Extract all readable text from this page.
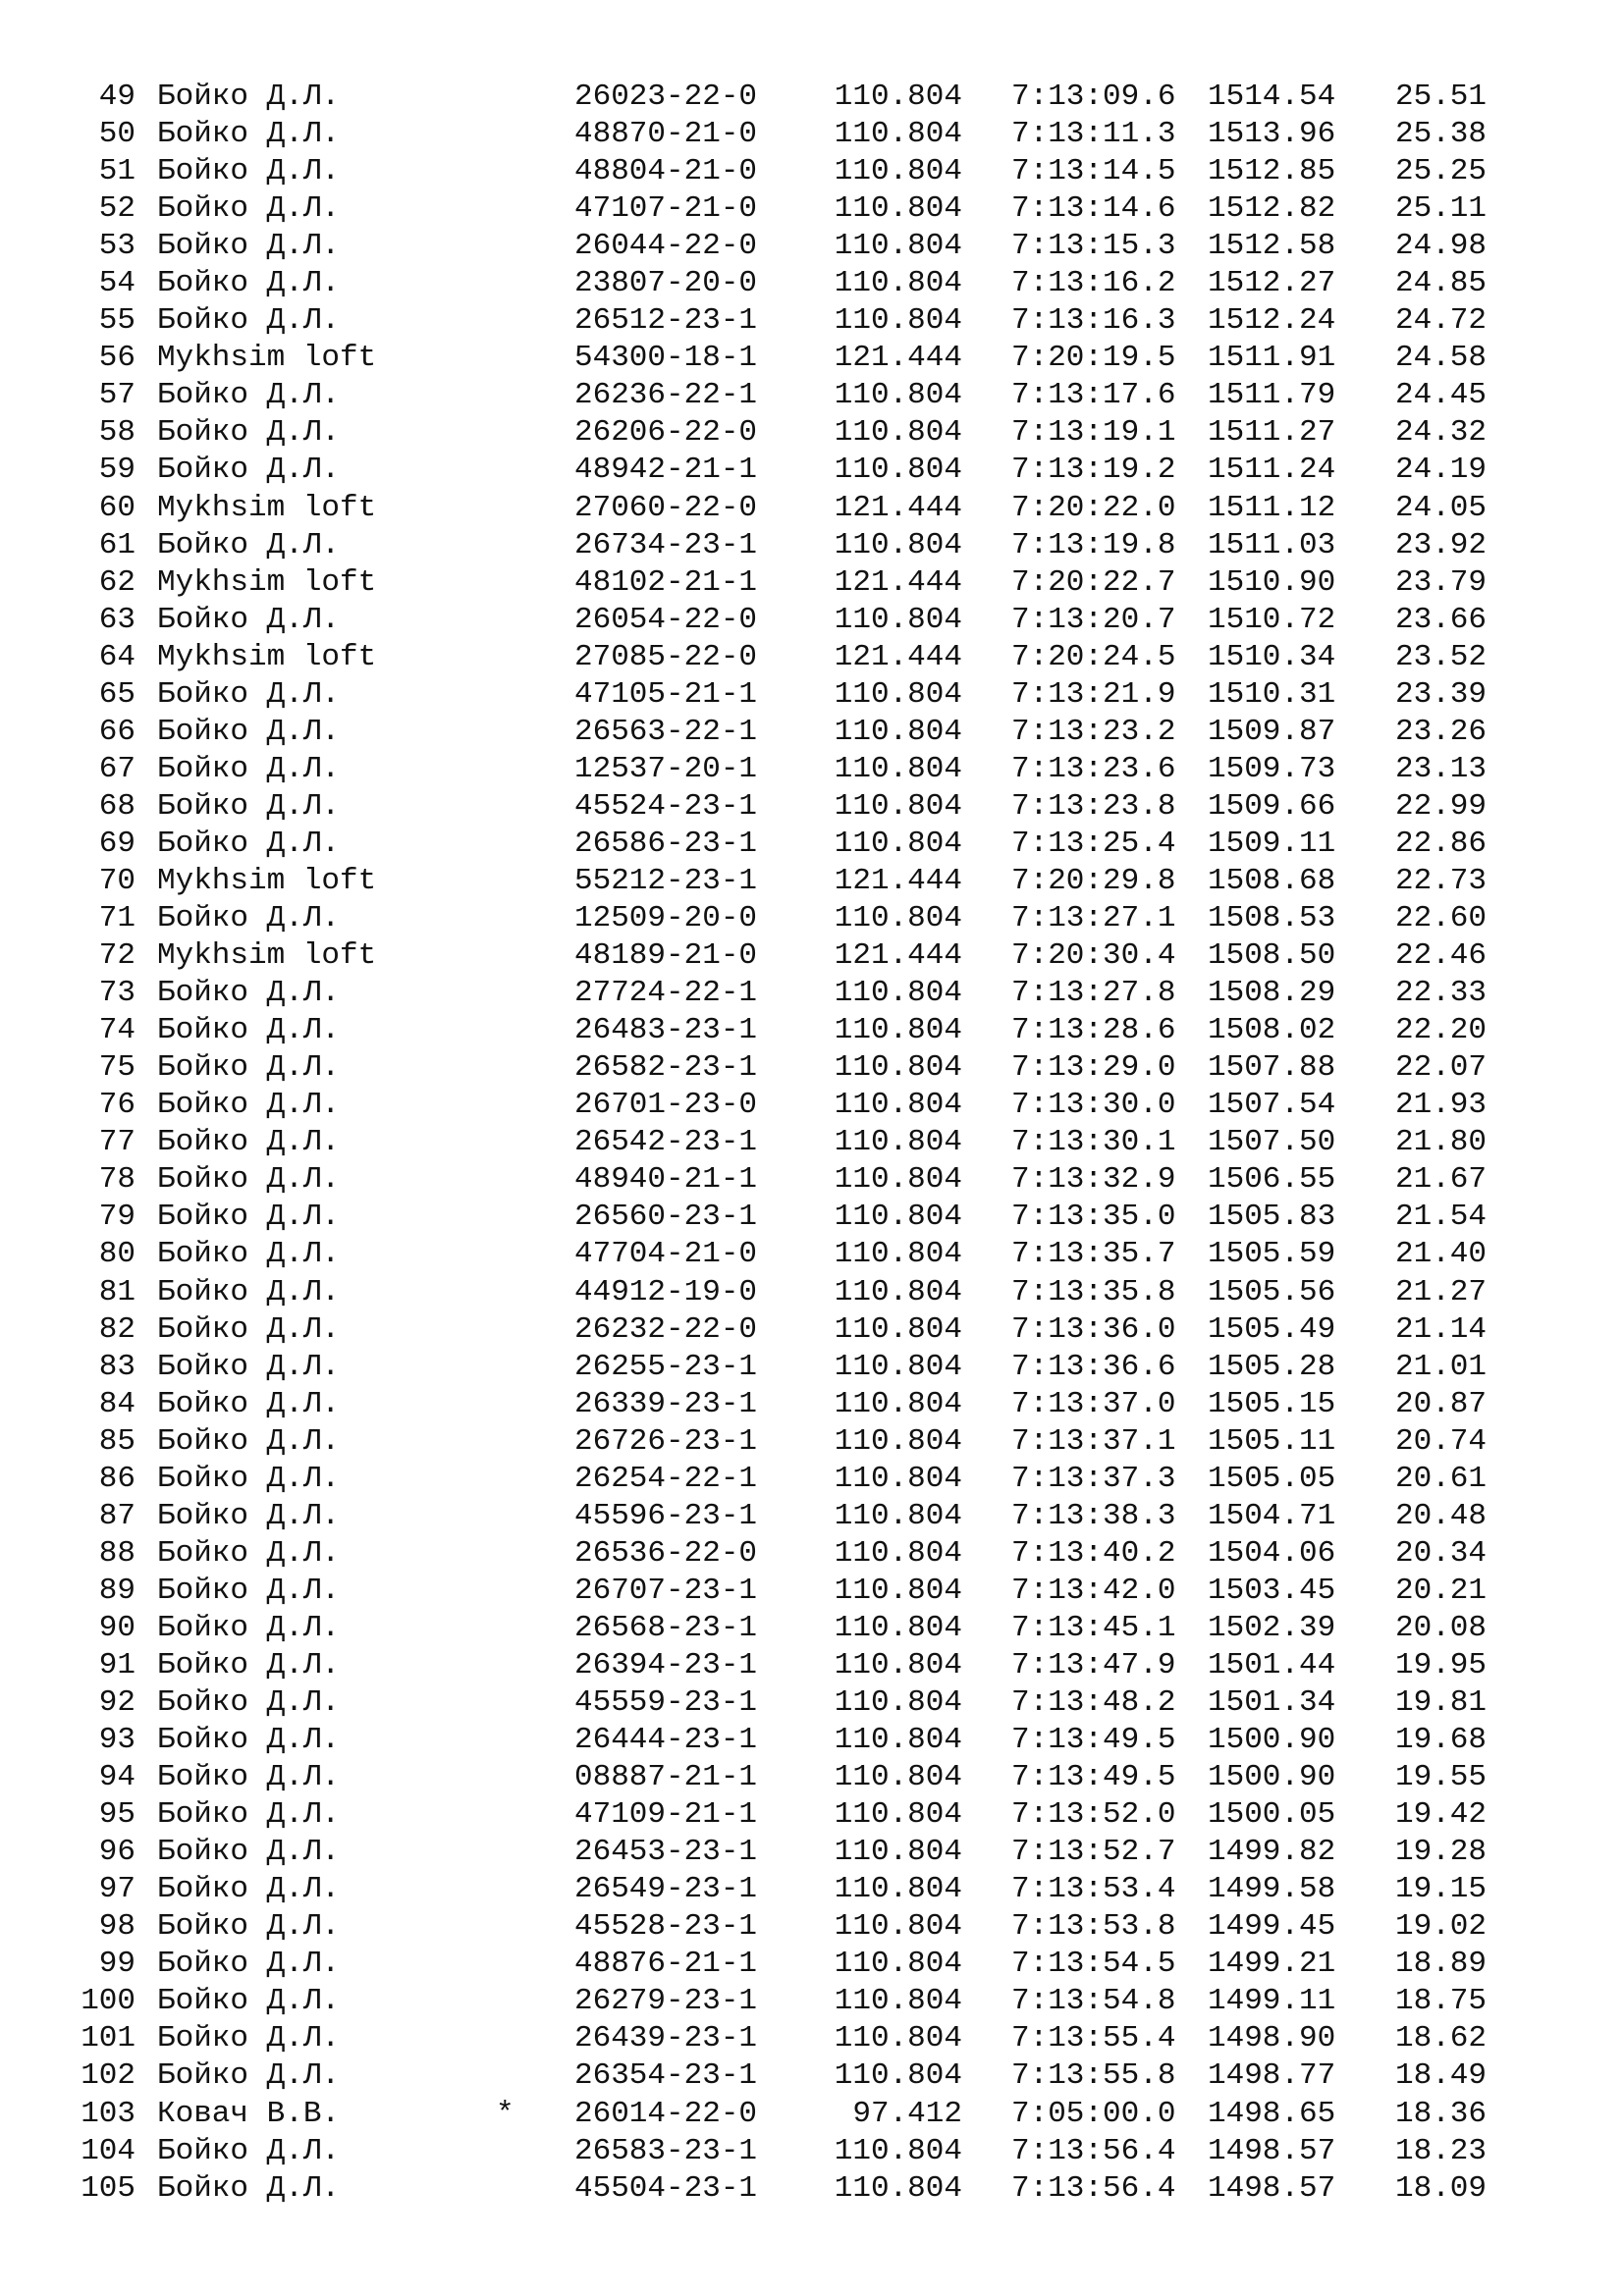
49 Бойко Д.Л.	26023-22-0	110.804 7:13:09.6 1514.54	25.51
50 Бойко Д.Л.	48870-21-0	110.804 7:13:11.3 1513.96	25.38
51 Бойко Д.Л.	48804-21-0	110.804 7:13:14.5 1512.85	25.25
52 Бойко Д.Л.	47107-21-0	110.804 7:13:14.6 1512.82	25.11
53 Бойко Д.Л.	26044-22-0	110.804 7:13:15.3 1512.58	24.98
54 Бойко Д.Л.	23807-20-0	110.804 7:13:16.2 1512.27	24.85
55 Бойко Д.Л.	26512-23-1	110.804 7:13:16.3 1512.24	24.72
56 Mykhsim loft	54300-18-1	121.444 7:20:19.5 1511.91	24.58
57 Бойко Д.Л.	26236-22-1	110.804 7:13:17.6 1511.79	24.45
58 Бойко Д.Л.	26206-22-0	110.804 7:13:19.1 1511.27	24.32
59 Бойко Д.Л.	48942-21-1	110.804 7:13:19.2 1511.24	24.19
60 Mykhsim loft	27060-22-0	121.444 7:20:22.0 1511.12	24.05
61 Бойко Д.Л.	26734-23-1	110.804 7:13:19.8 1511.03	23.92
62 Mykhsim loft	48102-21-1	121.444 7:20:22.7 1510.90	23.79
63 Бойко Д.Л.	26054-22-0	110.804 7:13:20.7 1510.72	23.66
64 Mykhsim loft	27085-22-0	121.444 7:20:24.5 1510.34	23.52
65 Бойко Д.Л.	47105-21-1	110.804 7:13:21.9 1510.31	23.39
66 Бойко Д.Л.	26563-22-1	110.804 7:13:23.2 1509.87	23.26
67 Бойко Д.Л.	12537-20-1	110.804 7:13:23.6 1509.73	23.13
68 Бойко Д.Л.	45524-23-1	110.804 7:13:23.8 1509.66	22.99
69 Бойко Д.Л.	26586-23-1	110.804 7:13:25.4 1509.11	22.86
70 Mykhsim loft	55212-23-1	121.444 7:20:29.8 1508.68	22.73
71 Бойко Д.Л.	12509-20-0	110.804 7:13:27.1 1508.53	22.60
72 Mykhsim loft	48189-21-0	121.444 7:20:30.4 1508.50	22.46
73 Бойко Д.Л.	27724-22-1	110.804 7:13:27.8 1508.29	22.33
74 Бойко Д.Л.	26483-23-1	110.804 7:13:28.6 1508.02	22.20
75 Бойко Д.Л.	26582-23-1	110.804 7:13:29.0 1507.88	22.07
76 Бойко Д.Л.	26701-23-0	110.804 7:13:30.0 1507.54	21.93
77 Бойко Д.Л.	26542-23-1	110.804 7:13:30.1 1507.50	21.80
78 Бойко Д.Л.	48940-21-1	110.804 7:13:32.9 1506.55	21.67
79 Бойко Д.Л.	26560-23-1	110.804 7:13:35.0 1505.83	21.54
80 Бойко Д.Л.	47704-21-0	110.804 7:13:35.7 1505.59	21.40
81 Бойко Д.Л.	44912-19-0	110.804 7:13:35.8 1505.56	21.27
82 Бойко Д.Л.	26232-22-0	110.804 7:13:36.0 1505.49	21.14
83 Бойко Д.Л.	26255-23-1	110.804 7:13:36.6 1505.28	21.01
84 Бойко Д.Л.	26339-23-1	110.804 7:13:37.0 1505.15	20.87
85 Бойко Д.Л.	26726-23-1	110.804 7:13:37.1 1505.11	20.74
86 Бойко Д.Л.	26254-22-1	110.804 7:13:37.3 1505.05	20.61
87 Бойко Д.Л.	45596-23-1	110.804 7:13:38.3 1504.71	20.48
88 Бойко Д.Л.	26536-22-0	110.804 7:13:40.2 1504.06	20.34
89 Бойко Д.Л.	26707-23-1	110.804 7:13:42.0 1503.45	20.21
90 Бойко Д.Л.	26568-23-1	110.804 7:13:45.1 1502.39	20.08
91 Бойко Д.Л.	26394-23-1	110.804 7:13:47.9 1501.44	19.95
92 Бойко Д.Л.	45559-23-1	110.804 7:13:48.2 1501.34	19.81
93 Бойко Д.Л.	26444-23-1	110.804 7:13:49.5 1500.90	19.68
94 Бойко Д.Л.	08887-21-1	110.804 7:13:49.5 1500.90	19.55
95 Бойко Д.Л.	47109-21-1	110.804 7:13:52.0 1500.05	19.42
96 Бойко Д.Л.	26453-23-1	110.804 7:13:52.7 1499.82	19.28
97 Бойко Д.Л.	26549-23-1	110.804 7:13:53.4 1499.58	19.15
98 Бойко Д.Л.	45528-23-1	110.804 7:13:53.8 1499.45	19.02
99 Бойко Д.Л.	48876-21-1	110.804 7:13:54.5 1499.21	18.89
100 Бойко Д.Л.	26279-23-1	110.804 7:13:54.8 1499.11	18.75
101 Бойко Д.Л.	26439-23-1	110.804 7:13:55.4 1498.90	18.62
102 Бойко Д.Л.	26354-23-1	110.804 7:13:55.8 1498.77	18.49
103 Ковач В.В.	* 26014-22-0	97.412 7:05:00.0 1498.65	18.36
104 Бойко Д.Л.	26583-23-1	110.804 7:13:56.4 1498.57	18.23
105 Бойко Д.Л.	45504-23-1	110.804 7:13:56.4 1498.57	18.09
